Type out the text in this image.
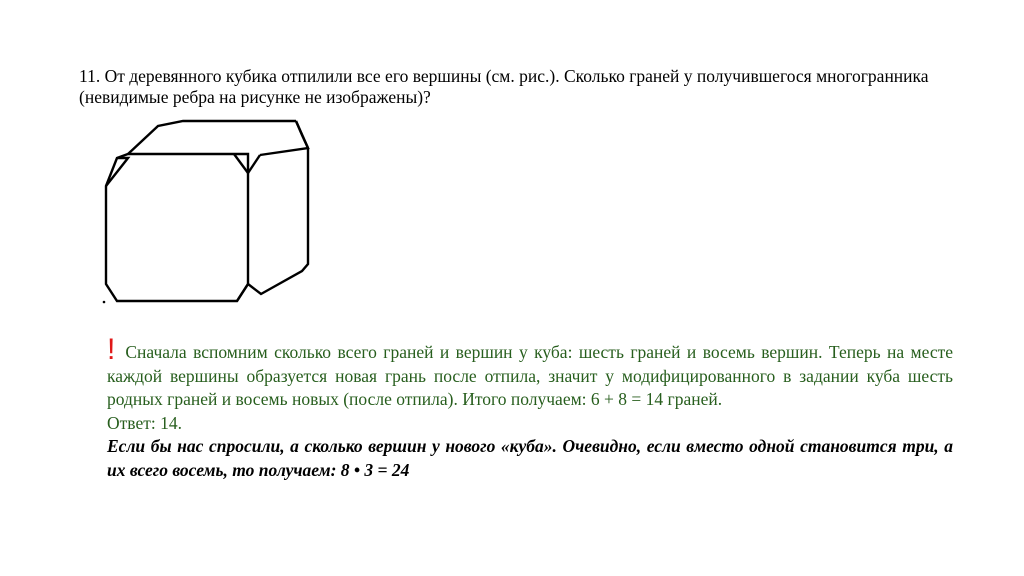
11. От деревянного кубика отпилили все его вершины (см. рис.). Сколько граней у получившегося многогранника (невидимые ребра на рисунке не изображены)?

! Сначала вспомним сколько всего граней и вершин у куба: шесть граней и восемь вершин. Теперь на месте каждой вершины образуется новая грань после отпила, значит у модифицированного в задании куба шесть родных граней и восемь новых (после отпила). Итого получаем: 6 + 8 = 14 граней.

Ответ: 14.

Если бы нас спросили, а сколько вершин у нового «куба». Очевидно, если вместо одной становится три, а их всего восемь, то получаем: 8 • 3 = 24
